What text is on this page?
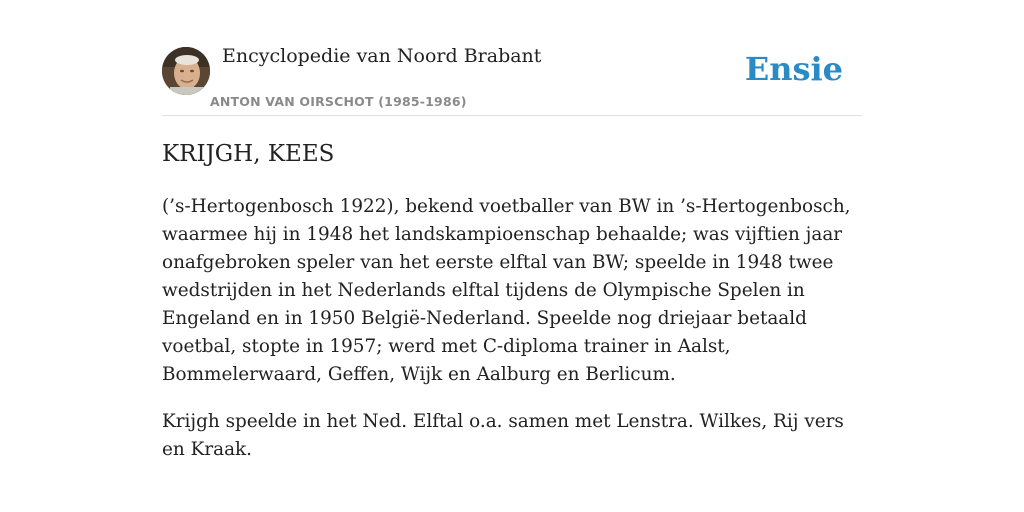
Encyclopedie van Noord Brabant
ANTON VAN OIRSCHOT (1985-1986)
Ensie
KRIJGH, KEES

(’s-Hertogenbosch 1922), bekend voetballer van BW in ’s-Hertogenbosch, waarmee hij in 1948 het landskampioenschap behaalde; was vijftien jaar onafgebroken speler van het eerste elftal van BW; speelde in 1948 twee wedstrijden in het Nederlands elftal tijdens de Olympische Spelen in Engeland en in 1950 België-Nederland. Speelde nog driejaar betaald voetbal, stopte in 1957; werd met C-diploma trainer in Aalst, Bommelerwaard, Geffen, Wijk en Aalburg en Berlicum.

Krijgh speelde in het Ned. Elftal o.a. samen met Lenstra. Wilkes, Rij vers en Kraak.
